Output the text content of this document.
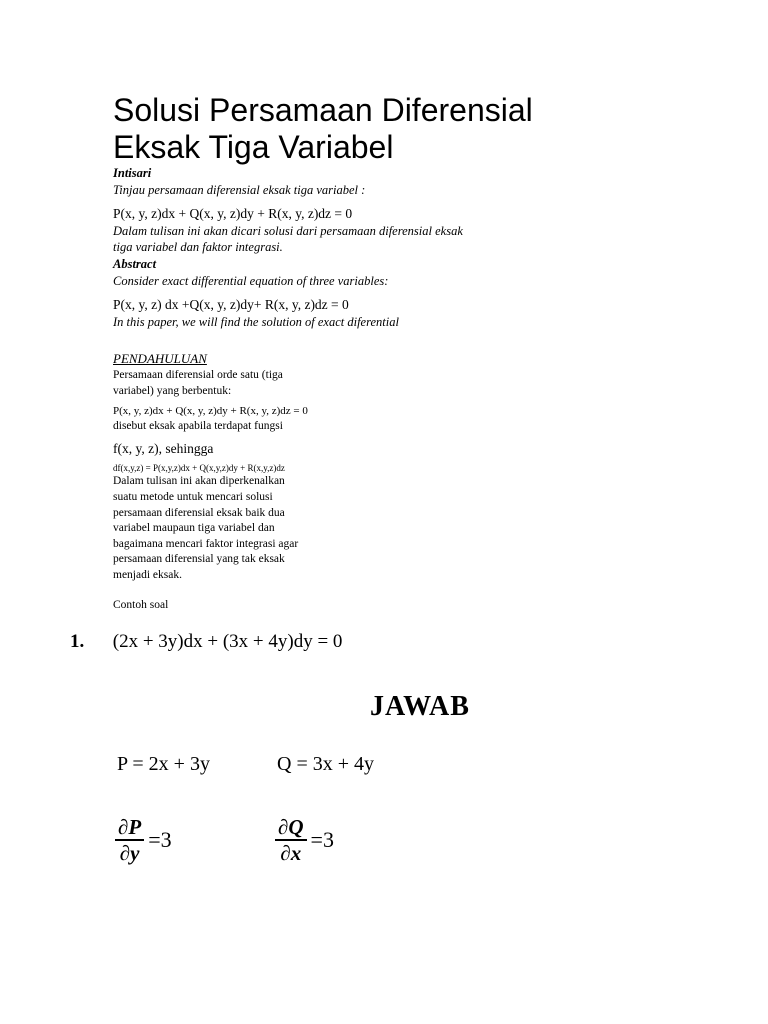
Solusi Persamaan Diferensial
Eksak Tiga Variabel

Intisari

Tinjau persamaan diferensial eksak tiga variabel :

P(x, y, z)dx + Q(x, y, z)dy + R(x, y, z)dz = 0

Dalam tulisan ini akan dicari solusi dari persamaan diferensial eksak

tiga variabel dan faktor integrasi.

Abstract

Consider exact differential equation of three variables:

P(x, y, z) dx +Q(x, y, z)dy+ R(x, y, z)dz = 0

In this paper, we will find the solution of exact diferential

PENDAHULUAN

Persamaan diferensial orde satu (tiga

variabel) yang berbentuk:

P(x, y, z)dx + Q(x, y, z)dy + R(x, y, z)dz = 0

disebut eksak apabila terdapat fungsi

f(x, y, z), sehingga

df(x,y,z) = P(x,y,z)dx + Q(x,y,z)dy + R(x,y,z)dz

Dalam tulisan ini akan diperkenalkan

suatu metode untuk mencari solusi

persamaan diferensial eksak baik dua

variabel maupaun tiga variabel dan

bagaimana mencari faktor integrasi agar

persamaan diferensial yang tak eksak

menjadi eksak.

Contoh soal

1. (2x + 3y)dx + (3x + 4y)dy = 0
JAWAB
P = 2x + 3y	Q = 3x + 4y
∂P
∂y
=3	∂Q
∂x
=3
